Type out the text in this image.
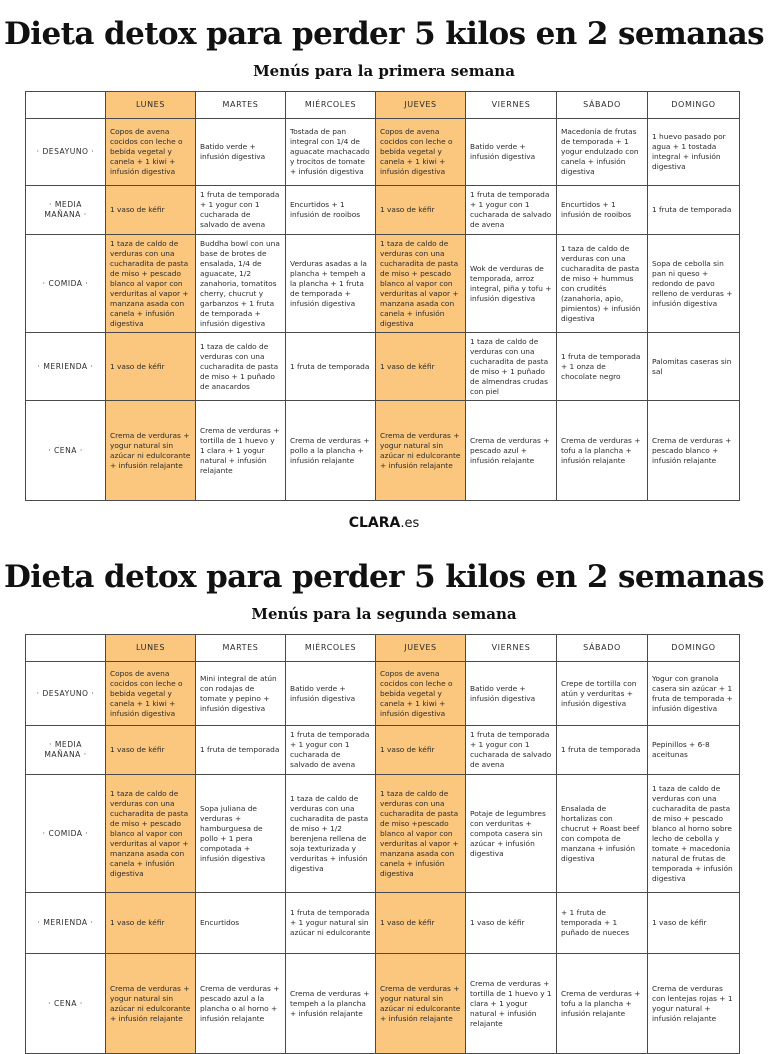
Dieta detox para perder 5 kilos en 2 semanas
Menús para la primera semana
	LUNES	MARTES	MIÉRCOLES	JUEVES	VIERNES	SÁBADO	DOMINGO
· DESAYUNO ·	Copos de avena cocidos con leche o bebida vegetal y canela + 1 kiwi + infusión digestiva	Batido verde + infusión digestiva	Tostada de pan integral con 1/4 de aguacate machacado y trocitos de tomate + infusión digestiva	Copos de avena cocidos con leche o bebida vegetal y canela + 1 kiwi + infusión digestiva	Batido verde + infusión digestiva	Macedonia de frutas de temporada + 1 yogur endulzado con canela + infusión digestiva	1 huevo pasado por agua + 1 tostada integral + infusión digestiva
· MEDIA
MAÑANA ·	1 vaso de kéfir	1 fruta de temporada + 1 yogur con 1 cucharada de salvado de avena	Encurtidos + 1 infusión de rooibos	1 vaso de kéfir	1 fruta de temporada + 1 yogur con 1 cucharada de salvado de avena	Encurtidos + 1 infusión de rooibos	1 fruta de temporada
· COMIDA ·	1 taza de caldo de verduras con una cucharadita de pasta de miso + pescado blanco al vapor con verduritas al vapor + manzana asada con canela + infusión digestiva	Buddha bowl con una base de brotes de ensalada, 1/4 de aguacate, 1/2 zanahoria, tomatitos cherry, chucrut y garbanzos + 1 fruta de temporada + infusión digestiva	Verduras asadas a la plancha + tempeh a la plancha + 1 fruta de temporada + infusión digestiva	1 taza de caldo de verduras con una cucharadita de pasta de miso + pescado blanco al vapor con verduritas al vapor + manzana asada con canela + infusión digestiva	Wok de verduras de temporada, arroz integral, piña y tofu + infusión digestiva	1 taza de caldo de verduras con una cucharadita de pasta de miso + hummus con crudités (zanahoria, apio, pimientos) + infusión digestiva	Sopa de cebolla sin pan ni queso + redondo de pavo relleno de verduras + infusión digestiva
· MERIENDA ·	1 vaso de kéfir	1 taza de caldo de verduras con una cucharadita de pasta de miso + 1 puñado de anacardos	1 fruta de temporada	1 vaso de kéfir	1 taza de caldo de verduras con una cucharadita de pasta de miso + 1 puñado de almendras crudas con piel	1 fruta de temporada + 1 onza de chocolate negro	Palomitas caseras sin sal
· CENA ·	Crema de verduras + yogur natural sin azúcar ni edulcorante + infusión relajante	Crema de verduras + tortilla de 1 huevo y 1 clara + 1 yogur natural + infusión relajante	Crema de verduras + pollo a la plancha + infusión relajante	Crema de verduras + yogur natural sin azúcar ni edulcorante + infusión relajante	Crema de verduras + pescado azul + infusión relajante	Crema de verduras + tofu a la plancha + infusión relajante	Crema de verduras + pescado blanco + infusión relajante
CLARA.es
Dieta detox para perder 5 kilos en 2 semanas
Menús para la segunda semana
	LUNES	MARTES	MIÉRCOLES	JUEVES	VIERNES	SÁBADO	DOMINGO
· DESAYUNO ·	Copos de avena cocidos con leche o bebida vegetal y canela + 1 kiwi + infusión digestiva	Mini integral de atún con rodajas de tomate y pepino + infusión digestiva	Batido verde + infusión digestiva	Copos de avena cocidos con leche o bebida vegetal y canela + 1 kiwi + infusión digestiva	Batido verde + infusión digestiva	Crepe de tortilla con atún y verduritas + infusión digestiva	Yogur con granola casera sin azúcar + 1 fruta de temporada + infusión digestiva
· MEDIA
MAÑANA ·	1 vaso de kéfir	1 fruta de temporada	1 fruta de temporada + 1 yogur con 1 cucharada de salvado de avena	1 vaso de kéfir	1 fruta de temporada + 1 yogur con 1 cucharada de salvado de avena	1 fruta de temporada	Pepinillos + 6-8 aceitunas
· COMIDA ·	1 taza de caldo de verduras con una cucharadita de pasta de miso + pescado blanco al vapor con verduritas al vapor + manzana asada con canela + infusión digestiva	Sopa juliana de verduras + hamburguesa de pollo + 1 pera compotada + infusión digestiva	1 taza de caldo de verduras con una cucharadita de pasta de miso + 1/2 berenjena rellena de soja texturizada y verduritas + infusión digestiva	1 taza de caldo de verduras con una cucharadita de pasta de miso +pescado blanco al vapor con verduritas al vapor + manzana asada con canela + infusión digestiva	Potaje de legumbres con verduritas + compota casera sin azúcar + infusión digestiva	Ensalada de hortalizas con chucrut + Roast beef con compota de manzana + infusión digestiva	1 taza de caldo de verduras con una cucharadita de pasta de miso + pescado blanco al horno sobre lecho de cebolla y tomate + macedonia natural de frutas de temporada + infusión digestiva
· MERIENDA ·	1 vaso de kéfir	Encurtidos	1 fruta de temporada + 1 yogur natural sin azúcar ni edulcorante	1 vaso de kéfir	1 vaso de kéfir	+ 1 fruta de temporada + 1 puñado de nueces	1 vaso de kéfir
· CENA ·	Crema de verduras + yogur natural sin azúcar ni edulcorante + infusión relajante	Crema de verduras + pescado azul a la plancha o al horno + infusión relajante	Crema de verduras + tempeh a la plancha + infusión relajante	Crema de verduras + yogur natural sin azúcar ni edulcorante + infusión relajante	Crema de verduras + tortilla de 1 huevo y 1 clara + 1 yogur natural + infusión relajante	Crema de verduras + tofu a la plancha + infusión relajante	Crema de verduras con lentejas rojas + 1 yogur natural + infusión relajante
